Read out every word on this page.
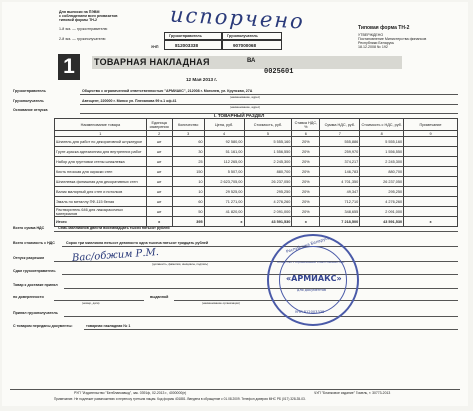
Для выписки на ПЭВМ
с соблюдением всех реквизитов
типовой формы ТН-2
1-й экз. — грузоотправителю
2-й экз. — грузополучателю
УНП
Грузоотправитель	Грузополучатель
812003338	907000068
испорчено	Типовая форма ТН-2
УТВЕРЖДЕНО
Постановление Министерства финансов
Республики Беларусь
18.12.2008 № 192
1	ТОВАРНАЯ НАКЛАДНАЯ	ВА
0025601
12 Мая 2013 г.
Грузоотправитель	Общество с ограниченной ответственностью "АРМИАКС", 212008 г. Могилев, ул. Крупская, 27А
(наименование, адрес)
Грузополучатель	Автоцент, 220000 г. Минск ул. Плеханова 99 к.1 оф.41
(наименование, адрес)
Основание отпуска
I. ТОВАРНЫЙ РАЗДЕЛ
Наименование товара	Единица измерения	Количество	Цена, руб.	Стоимость, руб.	Ставка НДС, %	Сумма НДС, руб.	Стоимость с НДС, руб.	Примечание
1	2	3	4	5	6	7	8	9
Шпатель для работ по декоративной штукатурке	шт	60	92 580,00	5 555,160	20%	555,886	5 555,160	
Грунт-краска адгезионная для внутренних работ	шт	30	51 161,00	1 556,550	20%	259,970	1 556,550	
Набор для грунтовки стены шпаклевка	шт	25	112 265,00	2 245,300	20%	374,217	2 245,300	
Кисть плоская для окраски стен	шт	150	5 507,00	880,700	20%	146,783	880,700	
Шпатлевка финишная для декоративных стен	шт	10	2 623,705,00	26 237,050	20%	4 701,350	26 237,050	
Валик малярный для стен и потолков	шт	10	29 525,00	295,250	20%	49,347	295,250	
Эмаль по металлу ПФ-115 белая	шт	60	71 271,00	4 276,260	20%	712,710	4 276,260	
Растворитель 646 для лакокрасочных материалов	шт	50	41 820,00	2 091,000	20%	348,655	2 091,000	
Итого	х	395	х	43 591,530	х	7 218,500	43 591,530	х
Всего сумма НДС	Семь миллионов двести восемнадцать тысяч пятьсот рублей
Всего стоимость с НДС	Сорок три миллиона пятьсот девяносто одна тысяча пятьсот тридцать рублей
Отпуск разрешил
(должность, фамилия, инициалы, подпись)
Вас/обжим Р.М.
Сдал грузоотправитель
Товар к доставке принял
по доверенности
(номер, дата)
выданной
(наименование организации)
Принял грузополучатель
С товаром переданы документы:	товарная накладная № 1
Республика Беларусь
Общество с ограниченной ответственностью
«АРМИАКС»
для документов
УНП 812003338
РУП "Издательство "Белбланкавыд", зак. 0391ф, 02-2013 г., 4000000(п)	ЧУП "Бланковое издание" Гомель, т. 30773-2013
Примечание. Не подлежит размножению и переносу третьим лицам. Код формы 401881. Введена в обращение с 01.08.2009. Телефон доверия МНС РБ (017) 328-35-03.
